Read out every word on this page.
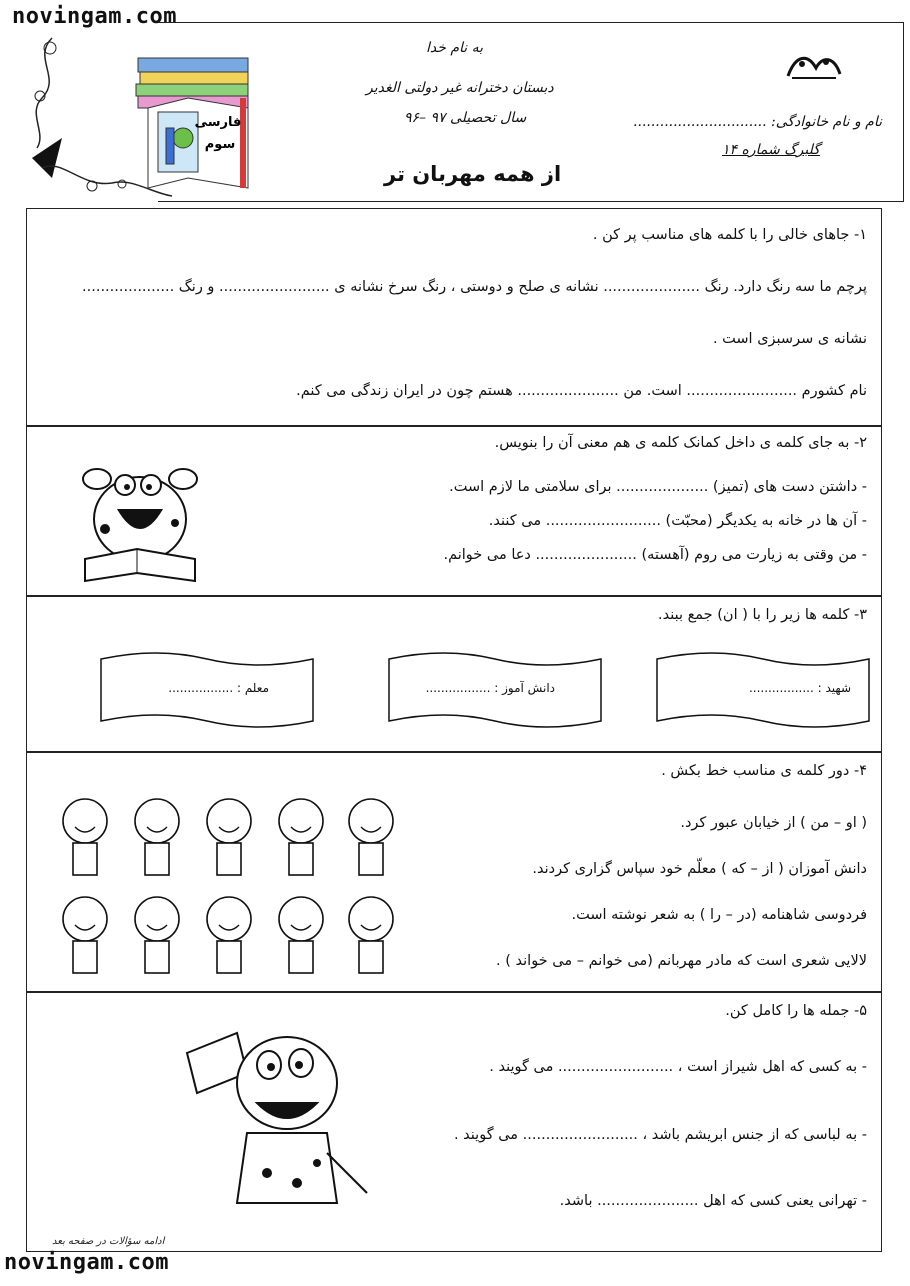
novingam.com
فارسی
سوم
به نام خدا
دبستان دخترانه غیر دولتی الغدیر
سال تحصیلی ۹۷ –۹۶	نام و نام خانوادگی: ..............................
گلبرگ شماره ۱۴
از همه مهربان تر
۱- جاهای خالی را با کلمه های مناسب پر کن .
پرچم ما سه رنگ دارد. رنگ ..................... نشانه ی صلح و دوستی ، رنگ سرخ نشانه ی ........................ و رنگ ....................
نشانه ی سرسبزی است .
نام کشورم ........................ است. من ...................... هستم چون در ایران زندگی می کنم.
۲- به جای کلمه ی داخل کمانک کلمه ی هم معنی آن را بنویس.
- داشتن دست های (تمیز) .................... برای سلامتی ما لازم است.
- آن ها در خانه به یکدیگر (محبّت) ......................... می کنند.
- من وقتی به زیارت می روم (آهسته) ...................... دعا می خوانم.
۳- کلمه ها زیر را با ( ان) جمع ببند.
معلم : .................	دانش آموز : .................	شهید : .................
۴- دور کلمه ی مناسب خط بکش .
( او – من ) از خیابان عبور کرد.
دانش آموزان ( از – که ) معلّم خود سپاس گزاری کردند.
فردوسی شاهنامه (در – را ) به شعر نوشته است.
لالایی شعری است که مادر مهربانم (می خوانم – می خواند ) .
۵- جمله ها را کامل کن.
- به کسی که اهل شیراز است ، ......................... می گویند .
- به لباسی که از جنس ابریشم باشد ، ......................... می گویند .
- تهرانی یعنی کسی که اهل ...................... باشد.
ادامه سؤالات در صفحه بعد
novingam.com
